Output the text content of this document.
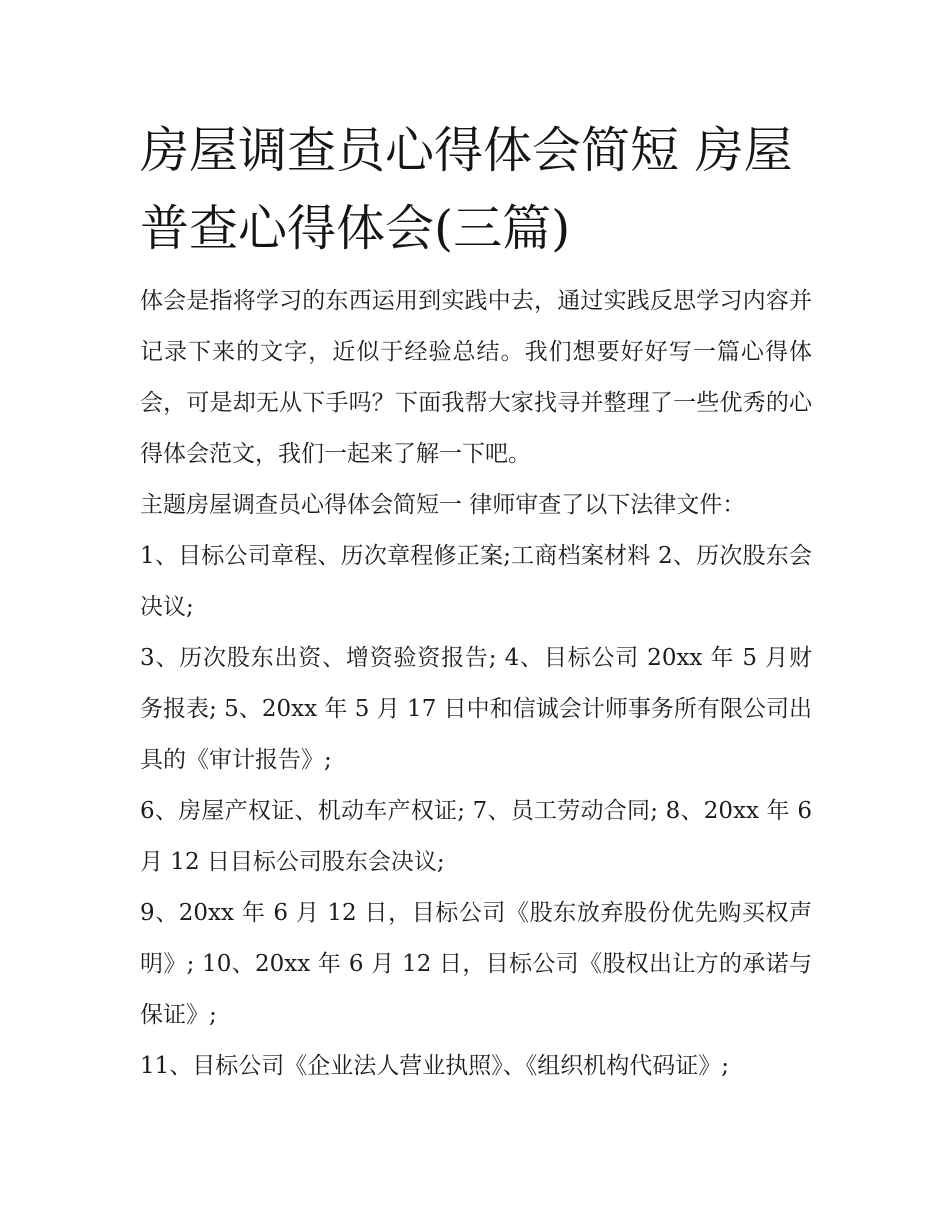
房屋调查员心得体会简短 房屋普查心得体会(三篇)

体会是指将学习的东西运用到实践中去，通过实践反思学习内容并记录下来的文字，近似于经验总结。我们想要好好写一篇心得体会，可是却无从下手吗？下面我帮大家找寻并整理了一些优秀的心得体会范文，我们一起来了解一下吧。

主题房屋调查员心得体会简短一 律师审查了以下法律文件：

1、目标公司章程、历次章程修正案;工商档案材料 2、历次股东会决议;

3、历次股东出资、增资验资报告; 4、目标公司 20xx 年 5 月财务报表; 5、20xx 年 5 月 17 日中和信诚会计师事务所有限公司出具的《审计报告》;

6、房屋产权证、机动车产权证; 7、员工劳动合同; 8、20xx 年 6 月 12 日目标公司股东会决议;

9、20xx 年 6 月 12 日，目标公司《股东放弃股份优先购买权声明》; 10、20xx 年 6 月 12 日，目标公司《股权出让方的承诺与保证》;

11、目标公司《企业法人营业执照》、《组织机构代码证》;
